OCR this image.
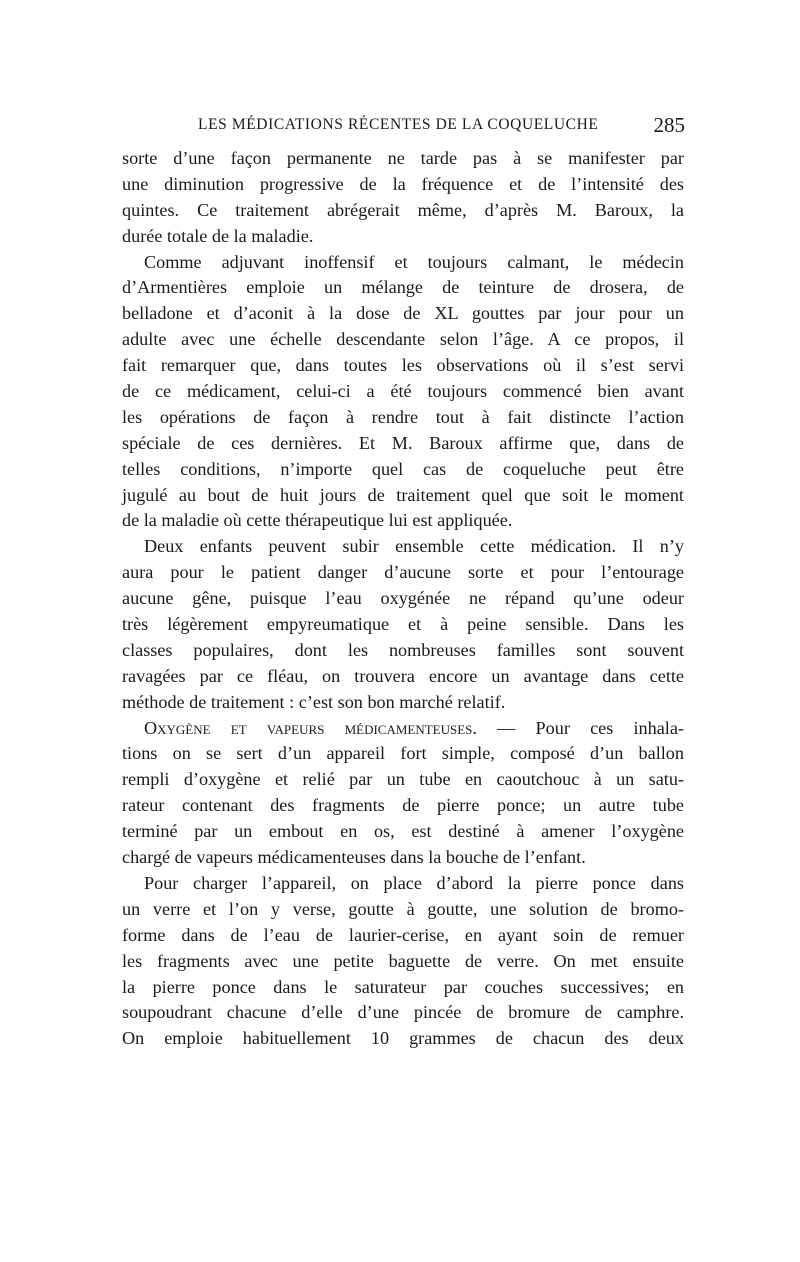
LES MÉDICATIONS RÉCENTES DE LA COQUELUCHE	285
sorte d’une façon permanente ne tarde pas à se manifester par
une diminution progressive de la fréquence et de l’intensité des
quintes. Ce traitement abrégerait même, d’après M. Baroux, la
durée totale de la maladie.
Comme adjuvant inoffensif et toujours calmant, le médecin
d’Armentières emploie un mélange de teinture de drosera, de
belladone et d’aconit à la dose de XL gouttes par jour pour un
adulte avec une échelle descendante selon l’âge. A ce propos, il
fait remarquer que, dans toutes les observations où il s’est servi
de ce médicament, celui-ci a été toujours commencé bien avant
les opérations de façon à rendre tout à fait distincte l’action
spéciale de ces dernières. Et M. Baroux affirme que, dans de
telles conditions, n’importe quel cas de coqueluche peut être
jugulé au bout de huit jours de traitement quel que soit le moment
de la maladie où cette thérapeutique lui est appliquée.
Deux enfants peuvent subir ensemble cette médication. Il n’y
aura pour le patient danger d’aucune sorte et pour l’entourage
aucune gêne, puisque l’eau oxygénée ne répand qu’une odeur
très légèrement empyreumatique et à peine sensible. Dans les
classes populaires, dont les nombreuses familles sont souvent
ravagées par ce fléau, on trouvera encore un avantage dans cette
méthode de traitement : c’est son bon marché relatif.
Oxygène et vapeurs médicamenteuses. — Pour ces inhala-
tions on se sert d’un appareil fort simple, composé d’un ballon
rempli d’oxygène et relié par un tube en caoutchouc à un satu-
rateur contenant des fragments de pierre ponce; un autre tube
terminé par un embout en os, est destiné à amener l’oxygène
chargé de vapeurs médicamenteuses dans la bouche de l’enfant.
Pour charger l’appareil, on place d’abord la pierre ponce dans
un verre et l’on y verse, goutte à goutte, une solution de bromo-
forme dans de l’eau de laurier-cerise, en ayant soin de remuer
les fragments avec une petite baguette de verre. On met ensuite
la pierre ponce dans le saturateur par couches successives; en
soupoudrant chacune d’elle d’une pincée de bromure de camphre.
On emploie habituellement 10 grammes de chacun des deux
